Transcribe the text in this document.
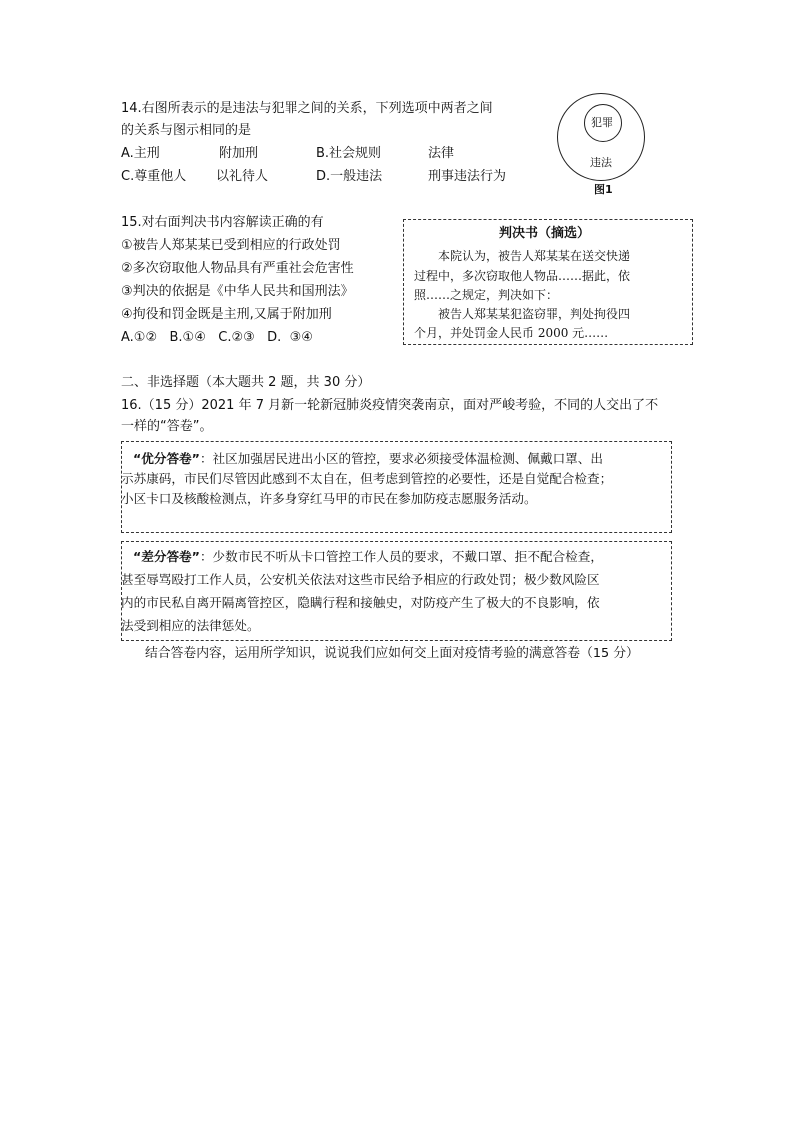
14.右图所表示的是违法与犯罪之间的关系，下列选项中两者之间
的关系与图示相同的是
A.主刑	附加刑	B.社会规则	法律
C.尊重他人 以礼待人	D.一般违法	刑事违法行为
犯罪
违法
图1
15.对右面判决书内容解读正确的有
①被告人郑某某已受到相应的行政处罚
②多次窃取他人物品具有严重社会危害性
③判决的依据是《中华人民共和国刑法》
④拘役和罚金既是主刑,又属于附加刑
A.①②   B.①④   C.②③   D.  ③④
判决书（摘选）
本院认为，被告人郑某某在送交快递
过程中，多次窃取他人物品……据此，依
照……之规定，判决如下：
被告人郑某某犯盗窃罪，判处拘役四
个月，并处罚金人民币 2000 元……
二、非选择题（本大题共 2 题，共 30 分）
16.（15 分）2021 年 7 月新一轮新冠肺炎疫情突袭南京，面对严峻考验，不同的人交出了不
一样的“答卷”。
“优分答卷”：社区加强居民进出小区的管控，要求必须接受体温检测、佩戴口罩、出
示苏康码，市民们尽管因此感到不太自在，但考虑到管控的必要性，还是自觉配合检查；
小区卡口及核酸检测点，许多身穿红马甲的市民在参加防疫志愿服务活动。
“差分答卷”：少数市民不听从卡口管控工作人员的要求，不戴口罩、拒不配合检查，
甚至辱骂殴打工作人员，公安机关依法对这些市民给予相应的行政处罚；极少数风险区
内的市民私自离开隔离管控区，隐瞒行程和接触史，对防疫产生了极大的不良影响，依
法受到相应的法律惩处。
结合答卷内容，运用所学知识，说说我们应如何交上面对疫情考验的满意答卷（15 分）
